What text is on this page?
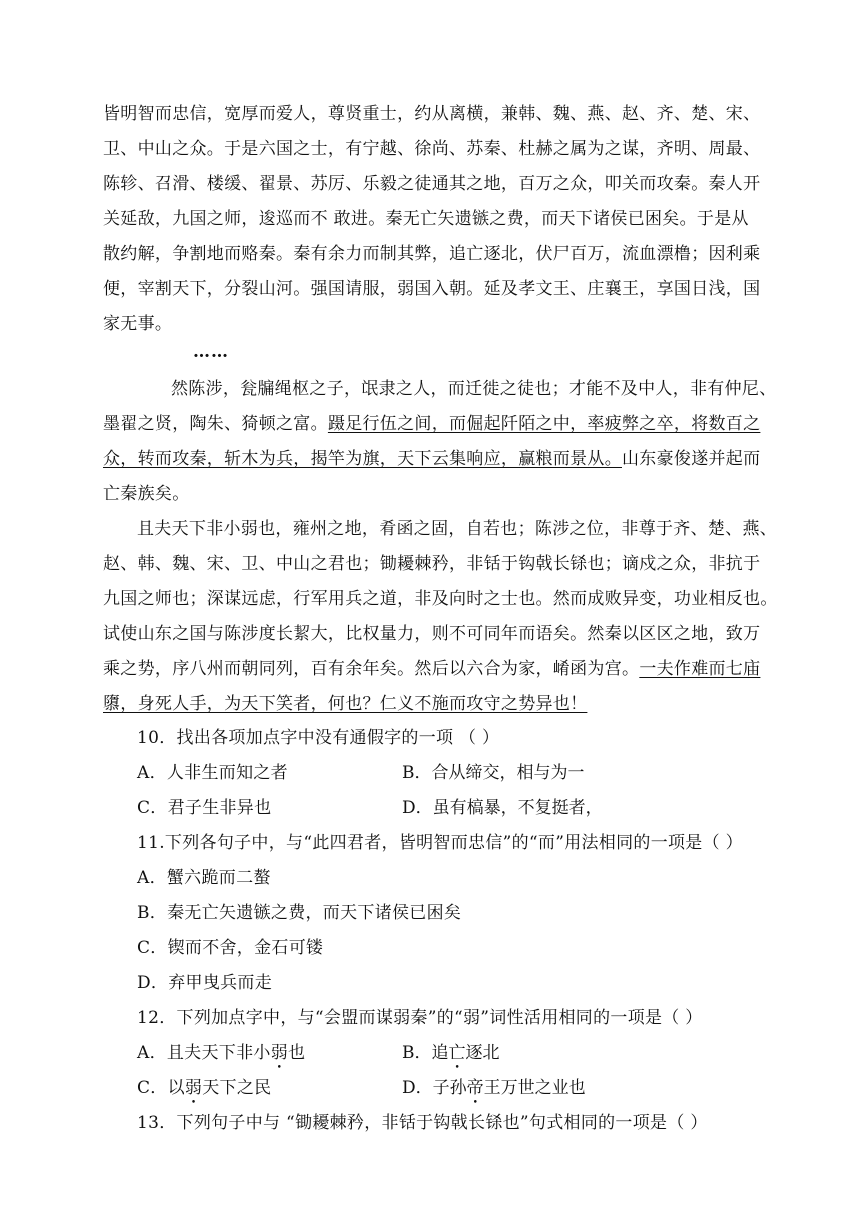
皆明智而忠信，宽厚而爱人，尊贤重士，约从离横，兼韩、魏、燕、赵、齐、楚、宋、
卫、中山之众。于是六国之士，有宁越、徐尚、苏秦、杜赫之属为之谋，齐明、周最、
陈轸、召滑、楼缓、翟景、苏厉、乐毅之徒通其之地，百万之众，叩关而攻秦。秦人开
关延敌，九国之师，逡巡而不 敢进。秦无亡矢遗镞之费，而天下诸侯已困矣。于是从
散约解，争割地而赂秦。秦有余力而制其弊，追亡逐北，伏尸百万，流血漂橹；因利乘
便，宰割天下，分裂山河。强国请服，弱国入朝。延及孝文王、庄襄王，享国日浅，国
家无事。
……
然陈涉，瓮牖绳枢之子，氓隶之人，而迁徙之徒也；才能不及中人，非有仲尼、
墨翟之贤，陶朱、猗顿之富。蹑足行伍之间，而倔起阡陌之中，率疲弊之卒，将数百之
众，转而攻秦，斩木为兵，揭竿为旗，天下云集响应，赢粮而景从。山东豪俊遂并起而
亡秦族矣。
且夫天下非小弱也，雍州之地，肴函之固，自若也；陈涉之位，非尊于齐、楚、燕、
赵、韩、魏、宋、卫、中山之君也；锄耰棘矜，非铦于钩戟长铩也；谪戍之众，非抗于
九国之师也；深谋远虑，行军用兵之道，非及向时之士也。然而成败异变，功业相反也。
试使山东之国与陈涉度长絜大，比权量力，则不可同年而语矣。然秦以区区之地，致万
乘之势，序八州而朝同列，百有余年矣。然后以六合为家，崤函为宫。一夫作难而七庙
隳，身死人手，为天下笑者，何也？仁义不施而攻守之势异也！
10．找出各项加点字中没有通假字的一项 （ ）
A．人非生而知之者	B．合从缔交，相与为一
C．君子生非异也	D．虽有槁暴，不复挺者，
11.下列各句子中，与“此四君者，皆明智而忠信”的“而”用法相同的一项是（ ）
A．蟹六跪而二螯
B．秦无亡矢遗镞之费，而天下诸侯已困矣
C．锲而不舍，金石可镂
D．弃甲曳兵而走
12．下列加点字中，与“会盟而谋弱秦”的“弱”词性活用相同的一项是（ ）
A．且夫天下非小弱也	B．追亡逐北
C．以弱天下之民	D．子孙帝王万世之业也
13．下列句子中与 “锄耰棘矜，非铦于钩戟长铩也”句式相同的一项是（ ）
